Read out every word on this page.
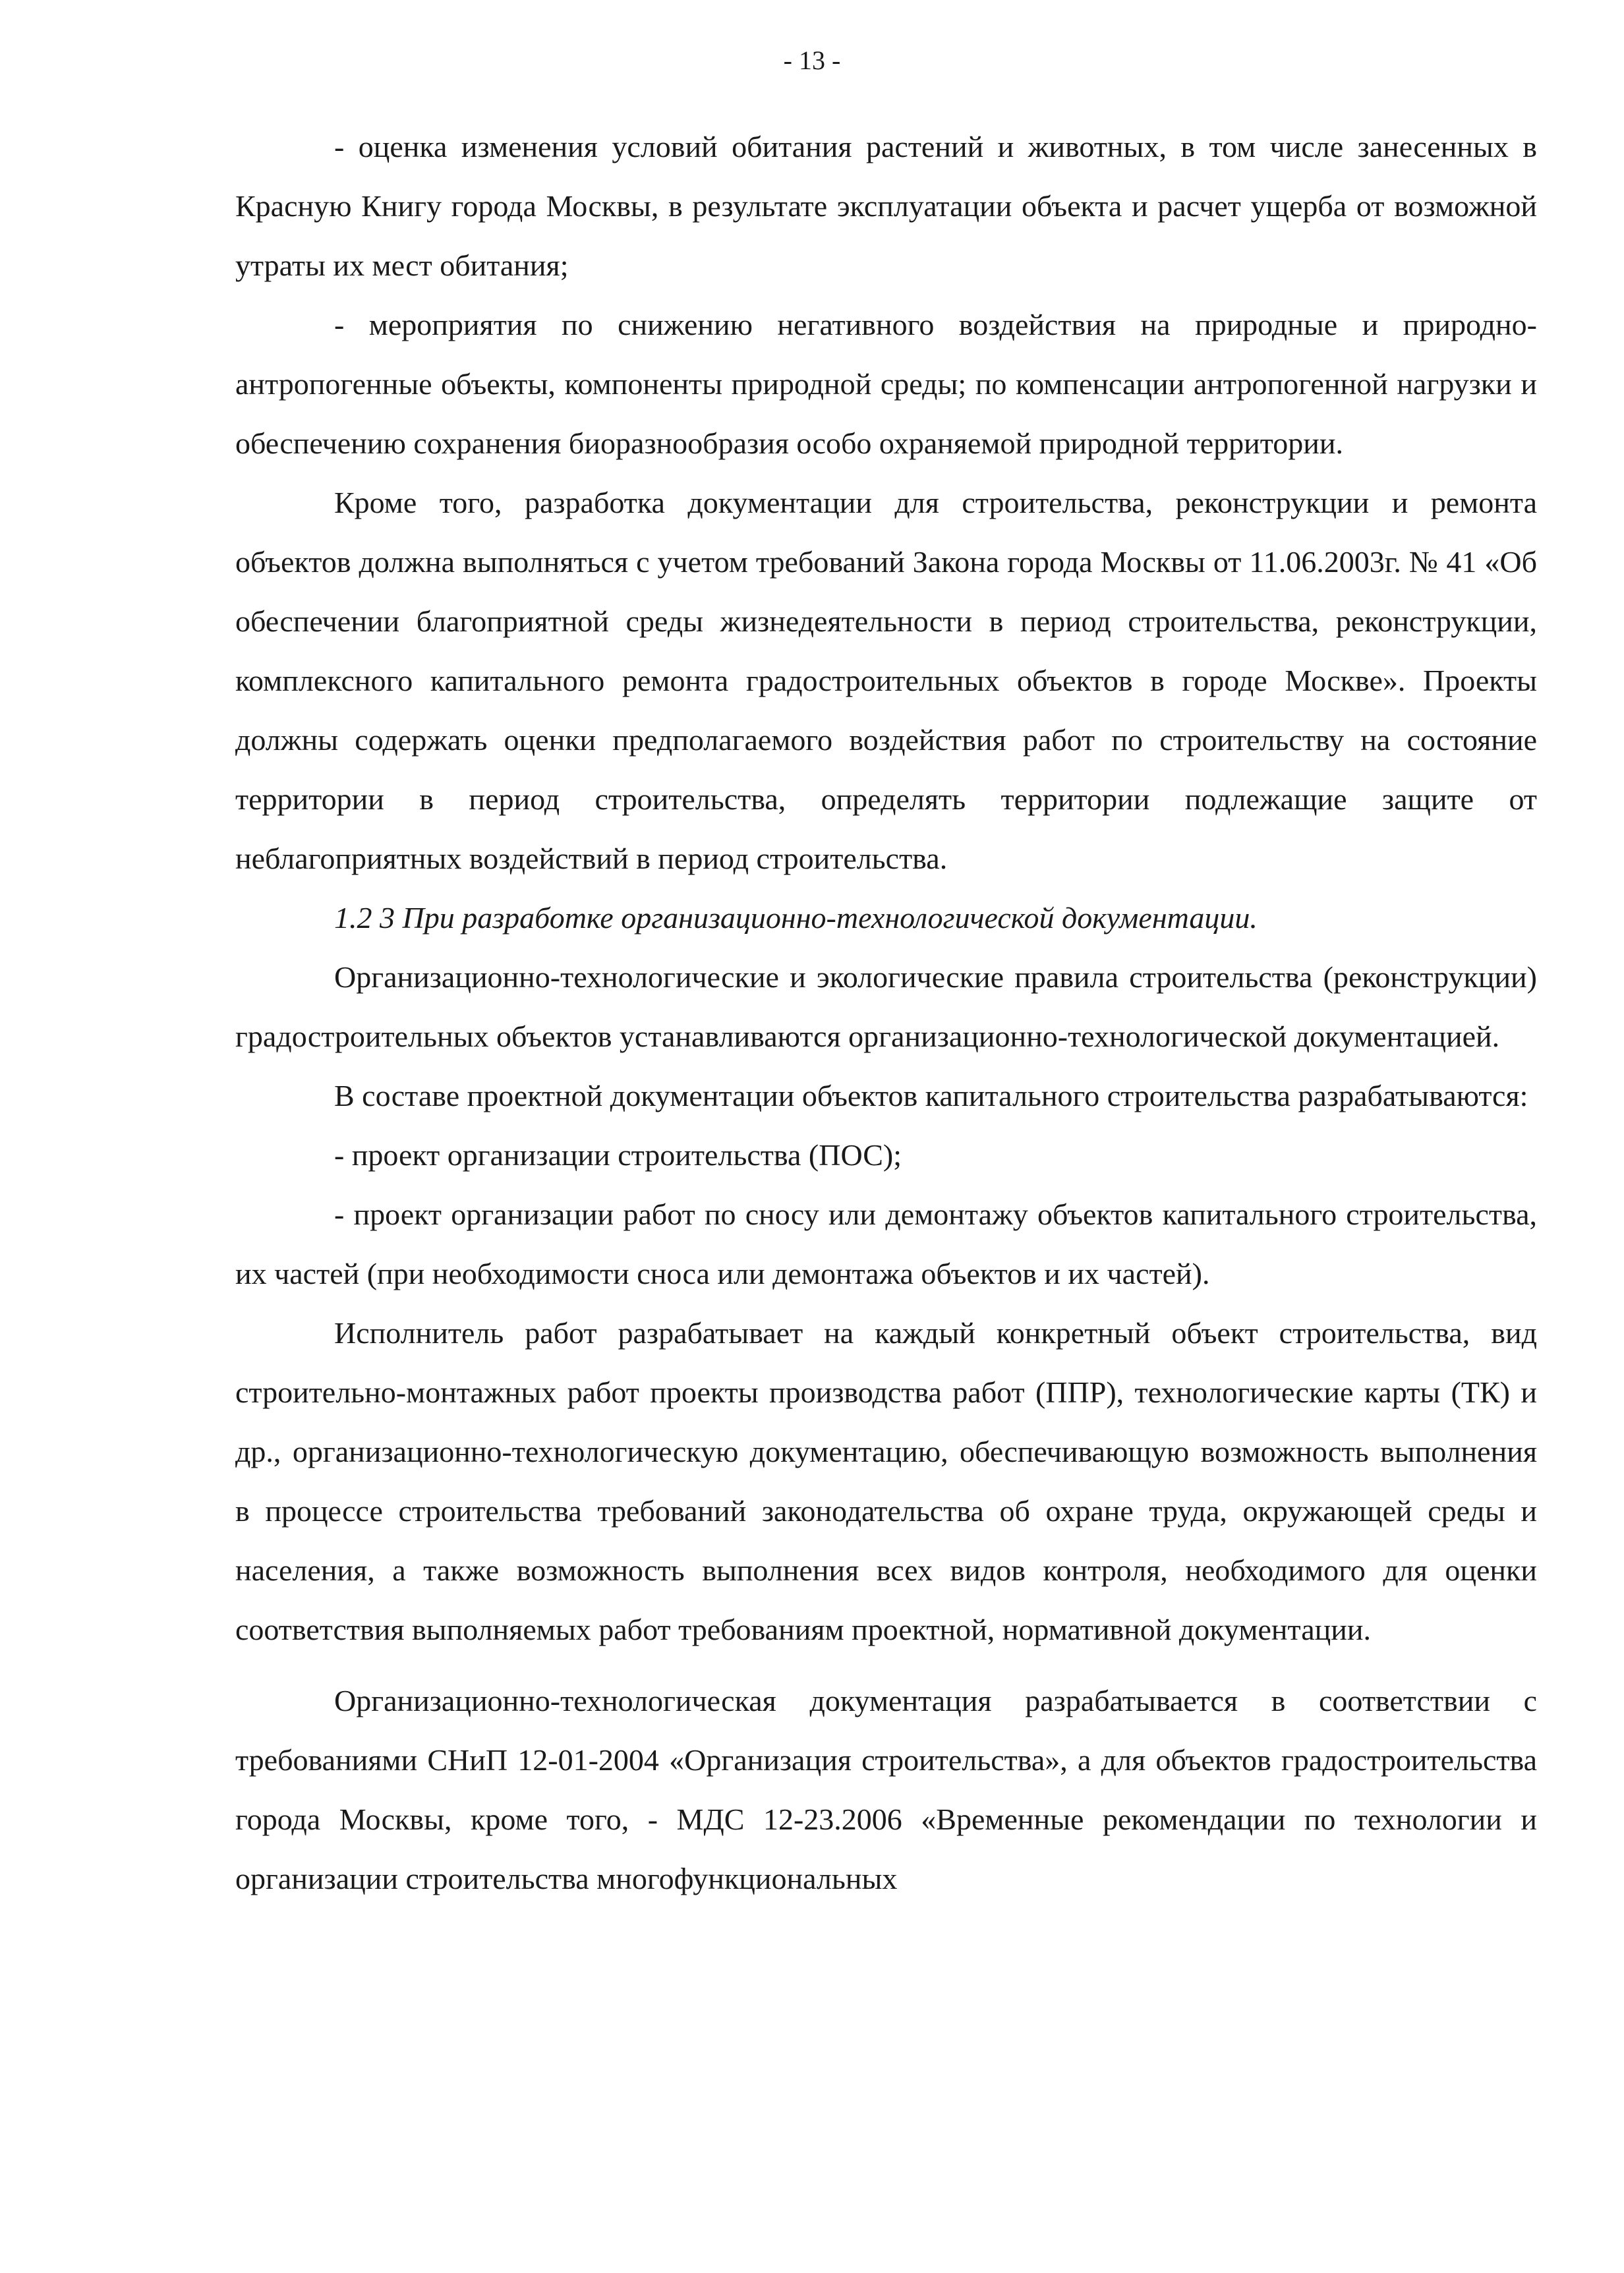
- 13 -

- оценка изменения условий обитания растений и животных, в том числе занесенных в Красную Книгу города Москвы, в результате эксплуатации объекта и расчет ущерба от возможной утраты их мест обитания;

- мероприятия по снижению негативного воздействия на природные и природно-антропогенные объекты, компоненты природной среды; по компенсации антропогенной нагрузки и обеспечению сохранения биоразнообразия особо охраняемой природной территории.

Кроме того, разработка документации для строительства, реконструкции и ремонта объектов должна выполняться с учетом требований Закона города Москвы от 11.06.2003г. № 41 «Об обеспечении благоприятной среды жизнедеятельности в период строительства, реконструкции, комплексного капитального ремонта градостроительных объектов в городе Москве». Проекты должны содержать оценки предполагаемого воздействия работ по строительству на состояние территории в период строительства, определять территории подлежащие защите от неблагоприятных воздействий в период строительства.

1.2 3 При разработке организационно-технологической документации.

Организационно-технологические и экологические правила строительства (реконструкции) градостроительных объектов устанавливаются организационно-технологической документацией.

В составе проектной документации объектов капитального строительства разрабатываются:

- проект организации строительства (ПОС);

- проект организации работ по сносу или демонтажу объектов капитального строительства, их частей (при необходимости сноса или демонтажа объектов и их частей).

Исполнитель работ разрабатывает на каждый конкретный объект строительства, вид строительно-монтажных работ проекты производства работ (ППР), технологические карты (ТК) и др., организационно-технологическую документацию, обеспечивающую возможность выполнения в процессе строительства требований законодательства об охране труда, окружающей среды и населения, а также возможность выполнения всех видов контроля, необходимого для оценки соответствия выполняемых работ требованиям проектной, нормативной документации.

Организационно-технологическая документация разрабатывается в соответствии с требованиями СНиП 12-01-2004 «Организация строительства», а для объектов градостроительства города Москвы, кроме того, - МДС 12-23.2006 «Временные рекомендации по технологии и организации строительства многофункциональных
